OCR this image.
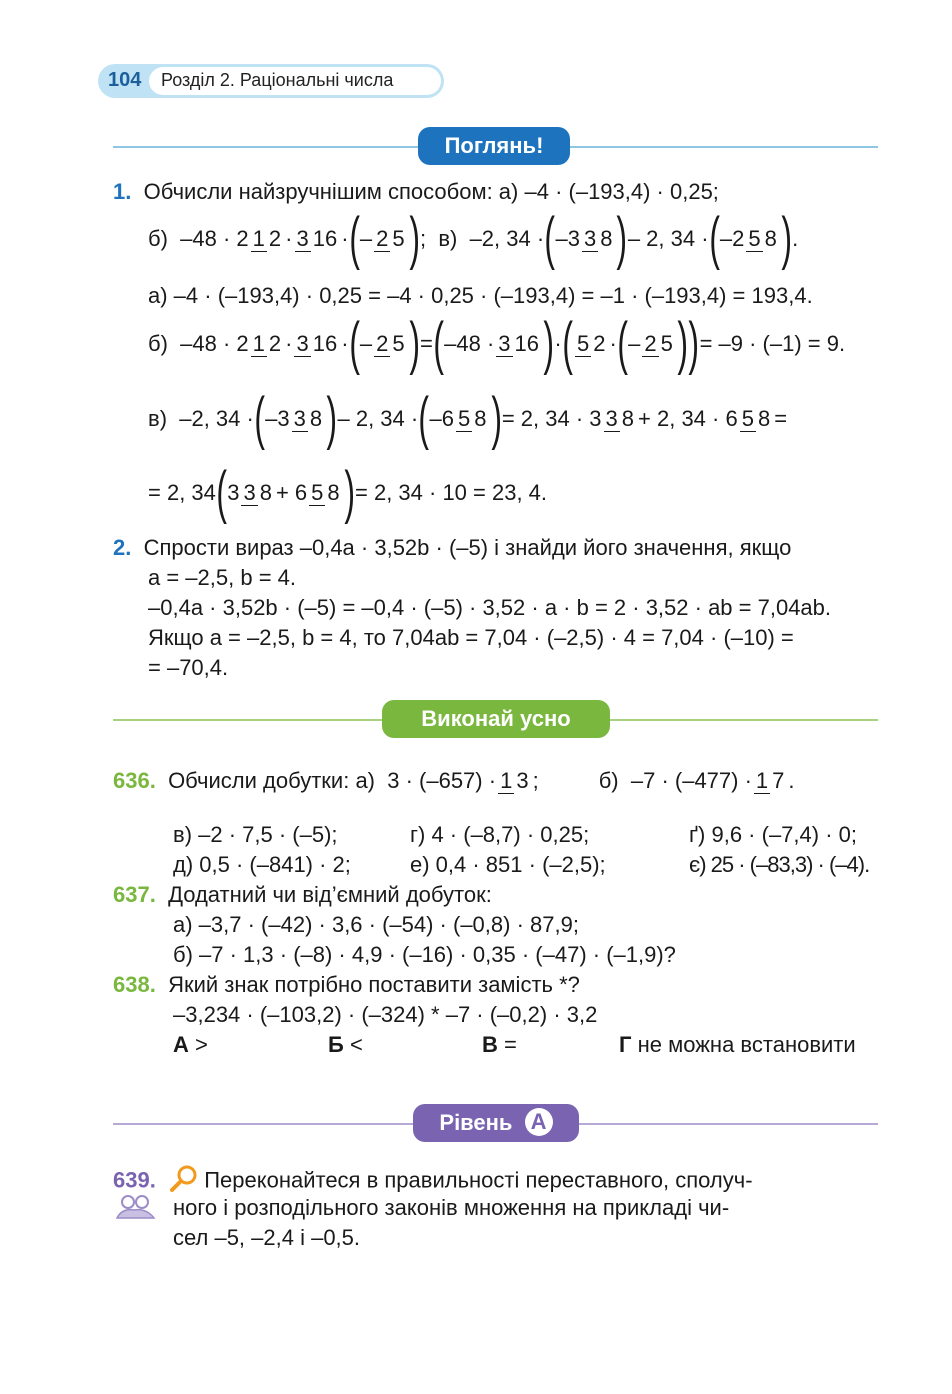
104 Розділ 2. Раціональні числа
Поглянь!
1. Обчисли найзручнішим способом: а) –4 · (–193,4) · 0,25;
б)
–48 · 2 1 2 · 3 16 · ( – 2 5 ) ; в)
–2, 34 · ( –3 3 8 ) – 2, 34 · ( –2 5 8 ) .
а) –4 · (–193,4) · 0,25 = –4 · 0,25 · (–193,4) = –1 · (–193,4) = 193,4.
б)  –48 · 2 1 2 · 3 16 · ( – 2 5 ) = ( –48 · 3 16 ) · ( 5 2 · ( – 2 5 ) ) = –9 · (–1) = 9.
в)  –2, 34 · ( –3 3 8 ) – 2, 34 · ( –6 5 8 ) = 2, 34 · 3 3 8 + 2, 34 · 6 5 8 =
= 2, 34 ( 3 3 8 + 6 5 8 ) = 2, 34 · 10 = 23, 4.
2. Спрости вираз –0,4a · 3,52b · (–5) і знайди його значення, якщо
a = –2,5, b = 4.
–0,4a · 3,52b · (–5) = –0,4 · (–5) · 3,52 · a · b = 2 · 3,52 · ab = 7,04ab.
Якщо a = –2,5, b = 4, то 7,04ab = 7,04 · (–2,5) · 4 = 7,04 · (–10) =
= –70,4.
Виконай усно
636.
Обчисли добутки: а)
3 · (–657) · 1 3 ;	б)
–7 · (–477) · 1 7 .
в) –2 · 7,5 · (–5);	г) 4 · (–8,7) · 0,25;	ґ) 9,6 · (–7,4) · 0;
д) 0,5 · (–841) · 2;	е) 0,4 · 851 · (–2,5);	є) 25 · (–83,3) · (–4).
637. Додатний чи від’ємний добуток:
а) –3,7 · (–42) · 3,6 · (–54) · (–0,8) · 87,9;
б) –7 · 1,3 · (–8) · 4,9 · (–16) · 0,35 · (–47) · (–1,9)?
638. Який знак потрібно поставити замість *?
–3,234 · (–103,2) · (–324) * –7 · (–0,2) · 3,2
А >	Б <	В =	Г не можна встановити
Рівень А
639. Переконайтеся в правильності переставного, сполуч-
ного і розподільного законів множення на прикладі чи-
сел –5, –2,4 і –0,5.
